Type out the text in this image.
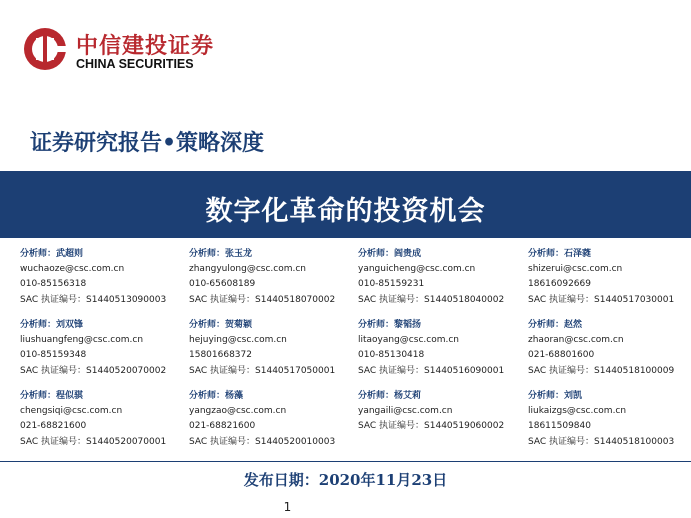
中信建投证券
CHINA SECURITIES
证券研究报告•策略深度
数字化革命的投资机会
分析师：武超则
wuchaoze@csc.com.cn
010-85156318
SAC 执证编号：S1440513090003
分析师：张玉龙
zhangyulong@csc.com.cn
010-65608189
SAC 执证编号：S1440518070002
分析师：阎贵成
yanguicheng@csc.com.cn
010-85159231
SAC 执证编号：S1440518040002
分析师：石泽蕤
shizerui@csc.com.cn
18616092669
SAC 执证编号：S1440517030001
分析师：刘双锋
liushuangfeng@csc.com.cn
010-85159348
SAC 执证编号：S1440520070002
分析师：贺菊颖
hejuying@csc.com.cn
15801668372
SAC 执证编号：S1440517050001
分析师：黎韬扬
litaoyang@csc.com.cn
010-85130418
SAC 执证编号：S1440516090001
分析师：赵然
zhaoran@csc.com.cn
021-68801600
SAC 执证编号：S1440518100009
分析师：程似骐
chengsiqi@csc.com.cn
021-68821600
SAC 执证编号：S1440520070001
分析师：杨藻
yangzao@csc.com.cn
021-68821600
SAC 执证编号：S1440520010003
分析师：杨艾莉
yangaili@csc.com.cn
SAC 执证编号：S1440519060002
分析师：刘凯
liukaizgs@csc.com.cn
18611509840
SAC 执证编号：S1440518100003
发布日期：2020年11月23日
1
